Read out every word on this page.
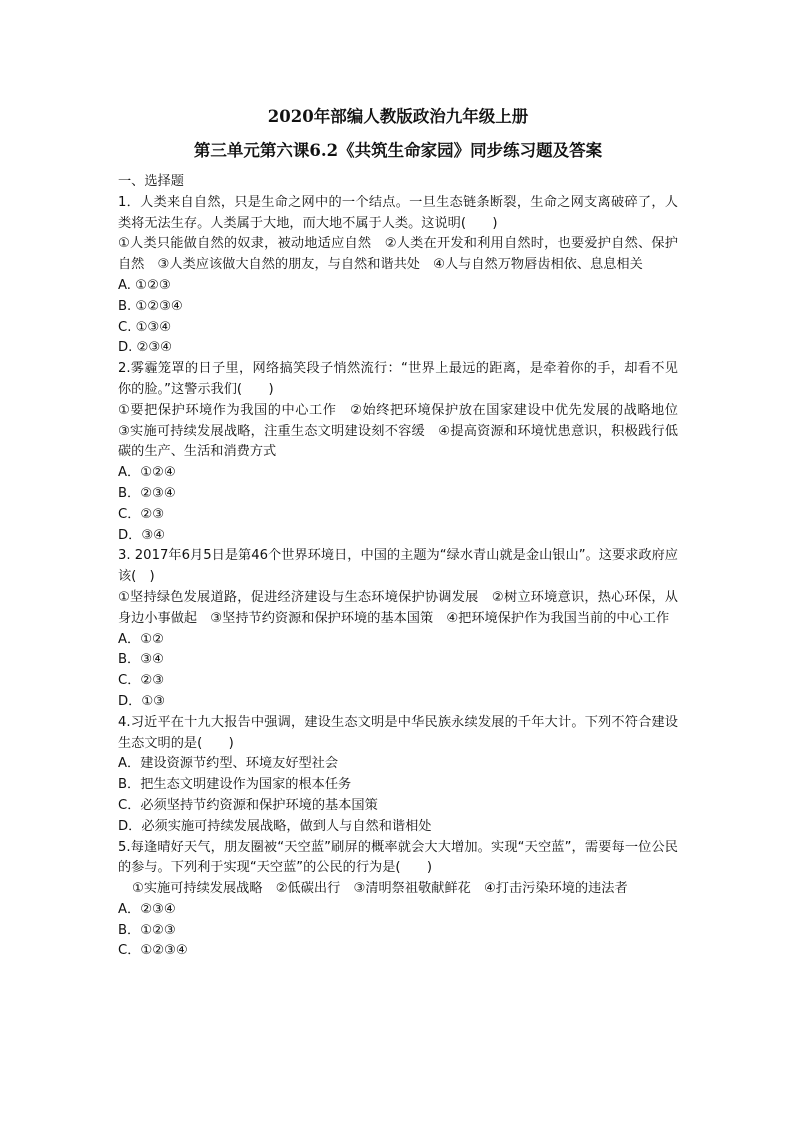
2020年部编人教版政治九年级上册
第三单元第六课6.2《共筑生命家园》同步练习题及答案

一、选择题

1．人类来自自然，只是生命之网中的一个结点。一旦生态链条断裂，生命之网支离破碎了，人类将无法生存。人类属于大地，而大地不属于人类。这说明(　　)

①人类只能做自然的奴隶，被动地适应自然　②人类在开发和利用自然时，也要爱护自然、保护自然　③人类应该做大自然的朋友，与自然和谐共处　④人与自然万物唇齿相依、息息相关

A. ①②③

B. ①②③④

C. ①③④

D. ②③④

2.雾霾笼罩的日子里，网络搞笑段子悄然流行：“世界上最远的距离，是牵着你的手，却看不见你的脸。”这警示我们(　　)

①要把保护环境作为我国的中心工作　②始终把环境保护放在国家建设中优先发展的战略地位　③实施可持续发展战略，注重生态文明建设刻不容缓　④提高资源和环境忧患意识，积极践行低碳的生产、生活和消费方式

A．①②④

B．②③④

C．②③

D．③④

3. 2017年6月5日是第46个世界环境日，中国的主题为“绿水青山就是金山银山”。这要求政府应该(　)

①坚持绿色发展道路，促进经济建设与生态环境保护协调发展　②树立环境意识，热心环保，从身边小事做起　③坚持节约资源和保护环境的基本国策　④把环境保护作为我国当前的中心工作

A．①②

B．③④

C．②③

D．①③

4.习近平在十九大报告中强调，建设生态文明是中华民族永续发展的千年大计。下列不符合建设生态文明的是(　　)

A．建设资源节约型、环境友好型社会

B．把生态文明建设作为国家的根本任务

C．必须坚持节约资源和保护环境的基本国策

D．必须实施可持续发展战略，做到人与自然和谐相处

5.每逢晴好天气，朋友圈被“天空蓝”刷屏的概率就会大大增加。实现“天空蓝”，需要每一位公民的参与。下列利于实现“天空蓝”的公民的行为是(　　)

①实施可持续发展战略　②低碳出行　③清明祭祖敬献鲜花　④打击污染环境的违法者

A．②③④

B．①②③

C．①②③④
